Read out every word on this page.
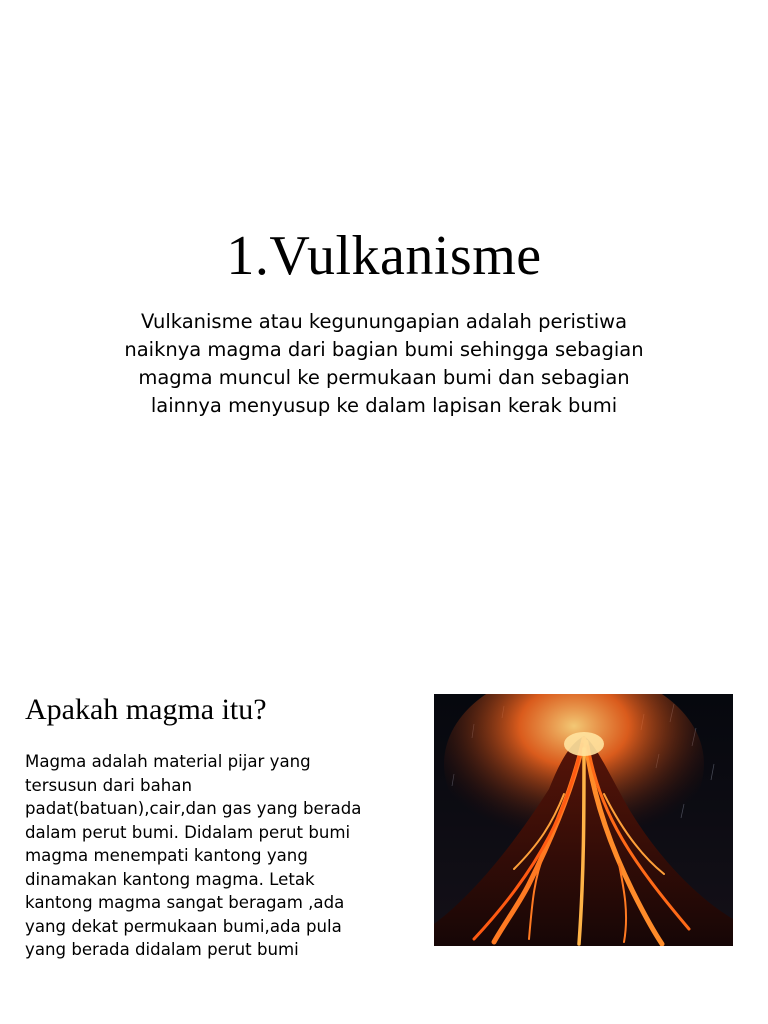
1.Vulkanisme

Vulkanisme atau kegunungapian adalah peristiwa
naiknya magma dari bagian bumi sehingga sebagian
magma muncul ke permukaan bumi dan sebagian
lainnya menyusup ke dalam lapisan kerak bumi

Apakah magma itu?

Magma adalah material pijar yang
tersusun dari bahan
padat(batuan),cair,dan gas yang berada
dalam perut bumi. Didalam perut bumi
magma menempati kantong yang
dinamakan kantong magma. Letak
kantong magma sangat beragam ,ada
yang dekat permukaan bumi,ada pula
yang berada didalam perut bumi
